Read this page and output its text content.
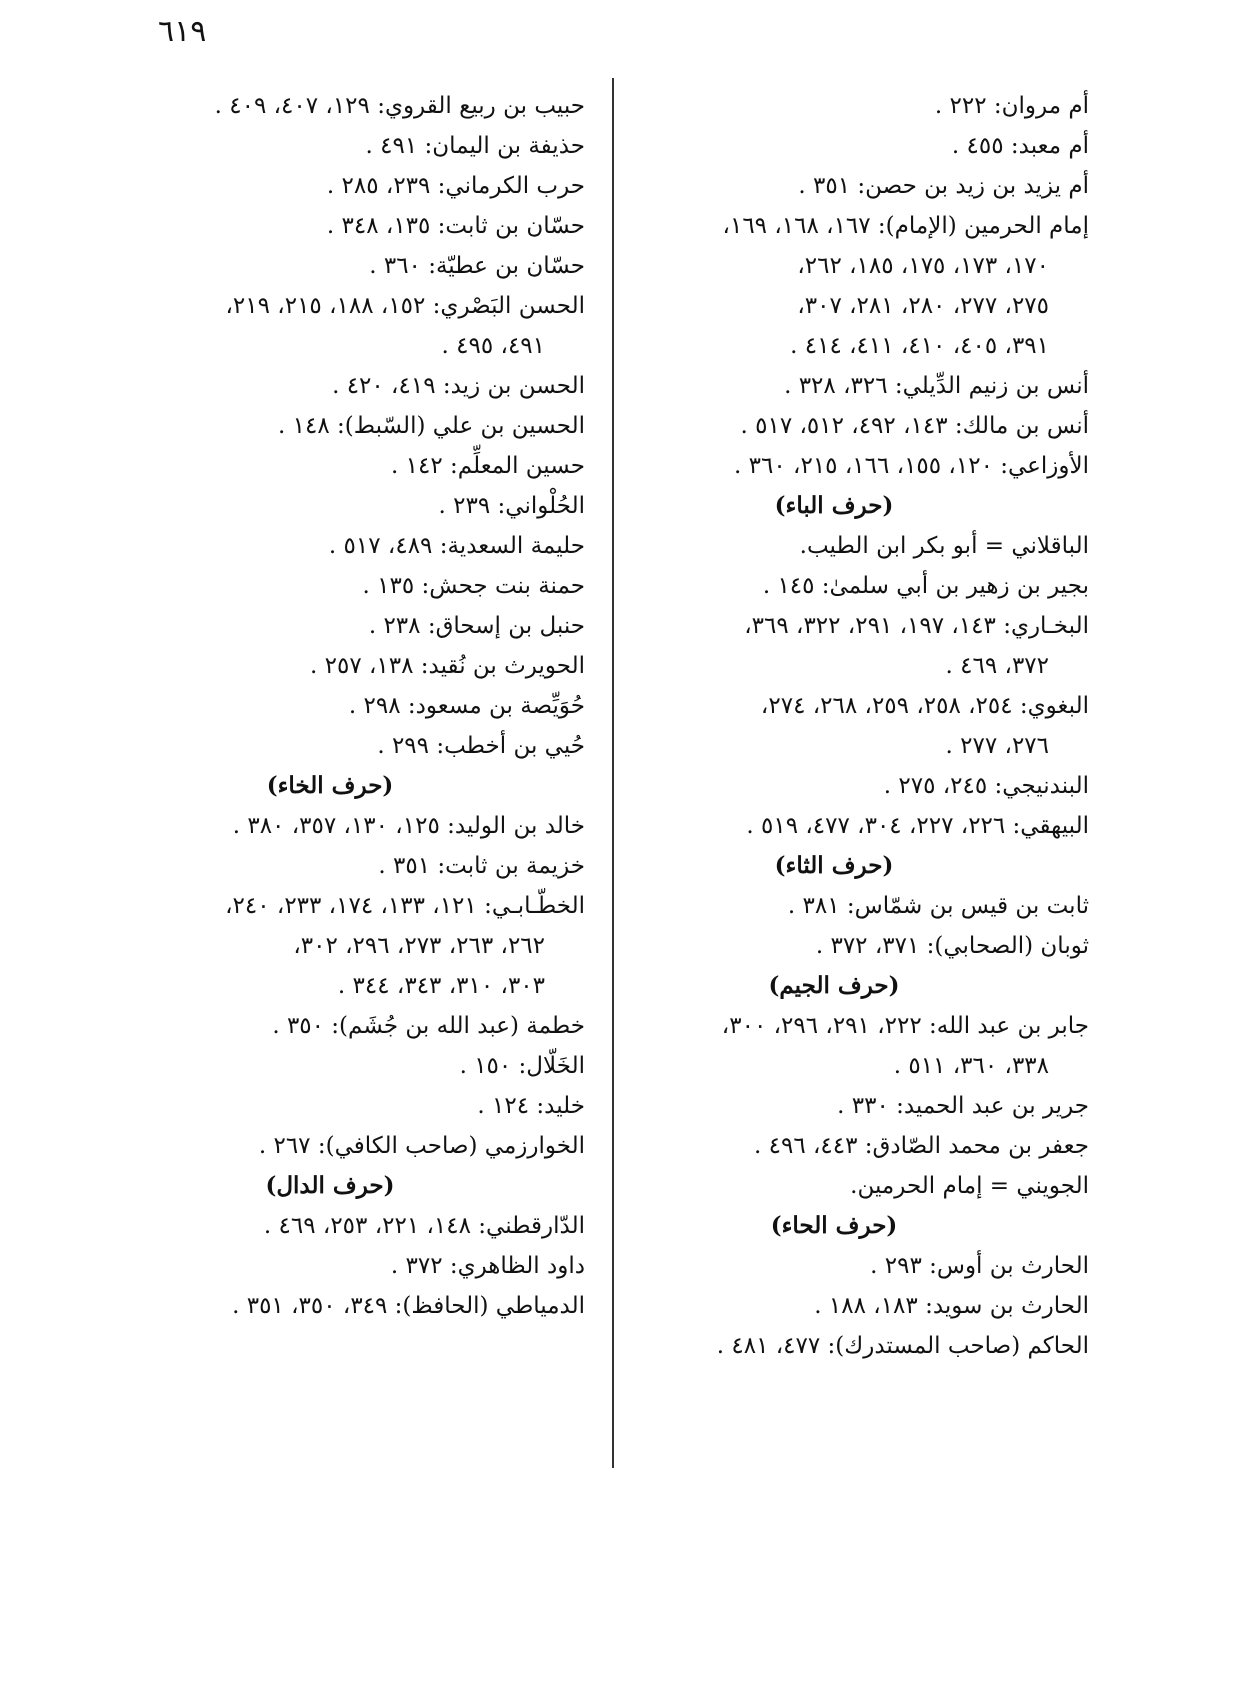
٦١٩
أم مروان: ٢٢٢ .
أم معبد: ٤٥٥ .
أم يزيد بن زيد بن حصن: ٣٥١ .
إمام الحرمين (الإمام): ١٦٧، ١٦٨، ١٦٩،
١٧٠، ١٧٣، ١٧٥، ١٨٥، ٢٦٢،
٢٧٥، ٢٧٧، ٢٨٠، ٢٨١، ٣٠٧،
٣٩١، ٤٠٥، ٤١٠، ٤١١، ٤١٤ .
أنس بن زنيم الدِّيلي: ٣٢٦، ٣٢٨ .
أنس بن مالك: ١٤٣، ٤٩٢، ٥١٢، ٥١٧ .
الأوزاعي: ١٢٠، ١٥٥، ١٦٦، ٢١٥، ٣٦٠ .
(حرف الباء)
الباقلاني = أبو بكر ابن الطيب.
بجير بن زهير بن أبي سلمىٰ: ١٤٥ .
البخـاري: ١٤٣، ١٩٧، ٢٩١، ٣٢٢، ٣٦٩،
٣٧٢، ٤٦٩ .
البغوي: ٢٥٤، ٢٥٨، ٢٥٩، ٢٦٨، ٢٧٤،
٢٧٦، ٢٧٧ .
البندنيجي: ٢٤٥، ٢٧٥ .
البيهقي: ٢٢٦، ٢٢٧، ٣٠٤، ٤٧٧، ٥١٩ .
(حرف الثاء)
ثابت بن قيس بن شمّاس: ٣٨١ .
ثوبان (الصحابي): ٣٧١، ٣٧٢ .
(حرف الجيم)
جابر بن عبد الله: ٢٢٢، ٢٩١، ٢٩٦، ٣٠٠،
٣٣٨، ٣٦٠، ٥١١ .
جرير بن عبد الحميد: ٣٣٠ .
جعفر بن محمد الصّادق: ٤٤٣، ٤٩٦ .
الجويني = إمام الحرمين.
(حرف الحاء)
الحارث بن أوس: ٢٩٣ .
الحارث بن سويد: ١٨٣، ١٨٨ .
الحاكم (صاحب المستدرك): ٤٧٧، ٤٨١ .
حبيب بن ربيع القروي: ١٢٩، ٤٠٧، ٤٠٩ .
حذيفة بن اليمان: ٤٩١ .
حرب الكرماني: ٢٣٩، ٢٨٥ .
حسّان بن ثابت: ١٣٥، ٣٤٨ .
حسّان بن عطيّة: ٣٦٠ .
الحسن البَصْري: ١٥٢، ١٨٨، ٢١٥، ٢١٩،
٤٩١، ٤٩٥ .
الحسن بن زيد: ٤١٩، ٤٢٠ .
الحسين بن علي (السّبط): ١٤٨ .
حسين المعلِّم: ١٤٢ .
الحُلْواني: ٢٣٩ .
حليمة السعدية: ٤٨٩، ٥١٧ .
حمنة بنت جحش: ١٣٥ .
حنبل بن إسحاق: ٢٣٨ .
الحويرث بن نُقيد: ١٣٨، ٢٥٧ .
حُوَيِّصة بن مسعود: ٢٩٨ .
حُيي بن أخطب: ٢٩٩ .
(حرف الخاء)
خالد بن الوليد: ١٢٥، ١٣٠، ٣٥٧، ٣٨٠ .
خزيمة بن ثابت: ٣٥١ .
الخطّـابـي: ١٢١، ١٣٣، ١٧٤، ٢٣٣، ٢٤٠،
٢٦٢، ٢٦٣، ٢٧٣، ٢٩٦، ٣٠٢،
٣٠٣، ٣١٠، ٣٤٣، ٣٤٤ .
خطمة (عبد الله بن جُشَم): ٣٥٠ .
الخَلّال: ١٥٠ .
خليد: ١٢٤ .
الخوارزمي (صاحب الكافي): ٢٦٧ .
(حرف الدال)
الدّارقطني: ١٤٨، ٢٢١، ٢٥٣، ٤٦٩ .
داود الظاهري: ٣٧٢ .
الدمياطي (الحافظ): ٣٤٩، ٣٥٠، ٣٥١ .
